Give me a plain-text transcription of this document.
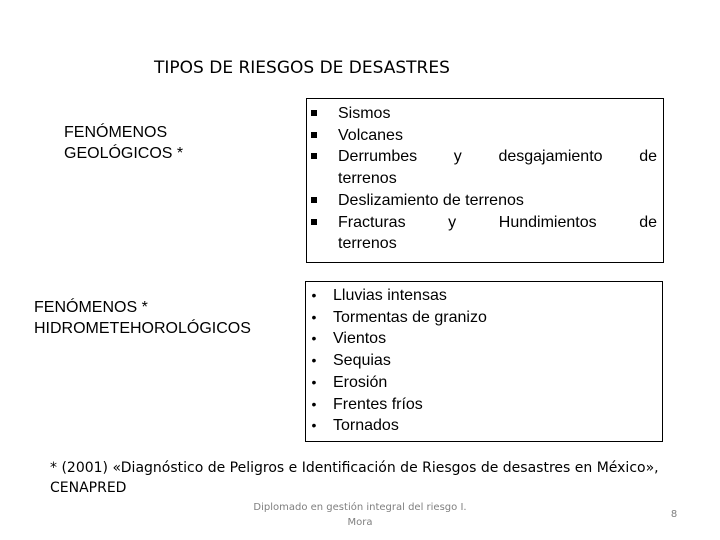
TIPOS DE RIESGOS DE DESASTRES
FENÓMENOS
GEOLÓGICOS *
Sismos
Volcanes
Derrumbes y desgajamiento de
terrenos
Deslizamiento de terrenos
Fracturas y Hundimientos de
terrenos
FENÓMENOS *
HIDROMETEHOROLÓGICOS
• Lluvias intensas
• Tormentas de granizo
• Vientos
• Sequias
• Erosión
• Frentes fríos
• Tornados
* (2001) «Diagnóstico de Peligros e Identificación de Riesgos de desastres en México»,
CENAPRED
Diplomado en gestión integral del riesgo I.
Mora
8
